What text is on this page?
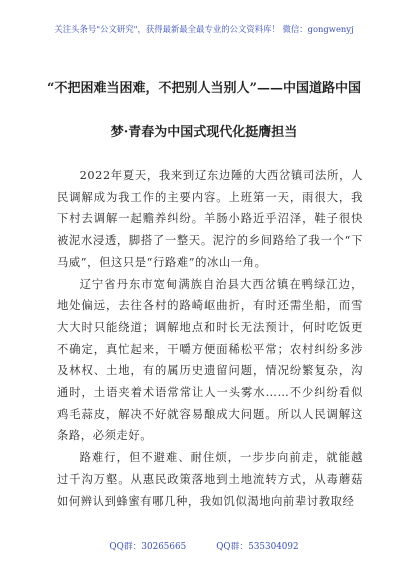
关注头条号"公文研究"，获得最新最全最专业的公文资料库！ 微信：gongwenyj
“不把困难当困难，不把别人当别人”——中国道路中国
梦·青春为中国式现代化挺膺担当

2022年夏天，我来到辽东边陲的大西岔镇司法所，人民调解成为我工作的主要内容。上班第一天，雨很大，我下村去调解一起赡养纠纷。羊肠小路近乎沼泽，鞋子很快被泥水浸透，脚搭了一整天。泥泞的乡间路给了我一个“下马威”，但这只是“行路难”的冰山一角。

辽宁省丹东市宽甸满族自治县大西岔镇在鸭绿江边，地处偏远，去往各村的路崎岖曲折，有时还需坐船，而雪大大时只能绕道；调解地点和时长无法预计，何时吃饭更不确定，真忙起来，干嚼方便面稀松平常；农村纠纷多涉及林权、土地，有的属历史遗留问题，情况纷繁复杂，沟通时，土语夹着术语常常让人一头雾水……不少纠纷看似鸡毛蒜皮，解决不好就容易酿成大问题。所以人民调解这条路，必须走好。

路难行，但不避难、耐住烦，一步步向前走，就能越过千沟万壑。从惠民政策落地到土地流转方式，从毒蘑菇如何辨认到蜂蜜有哪几种，我如饥似渴地向前辈讨教取经

QQ群：30265665	QQ群：535304092
